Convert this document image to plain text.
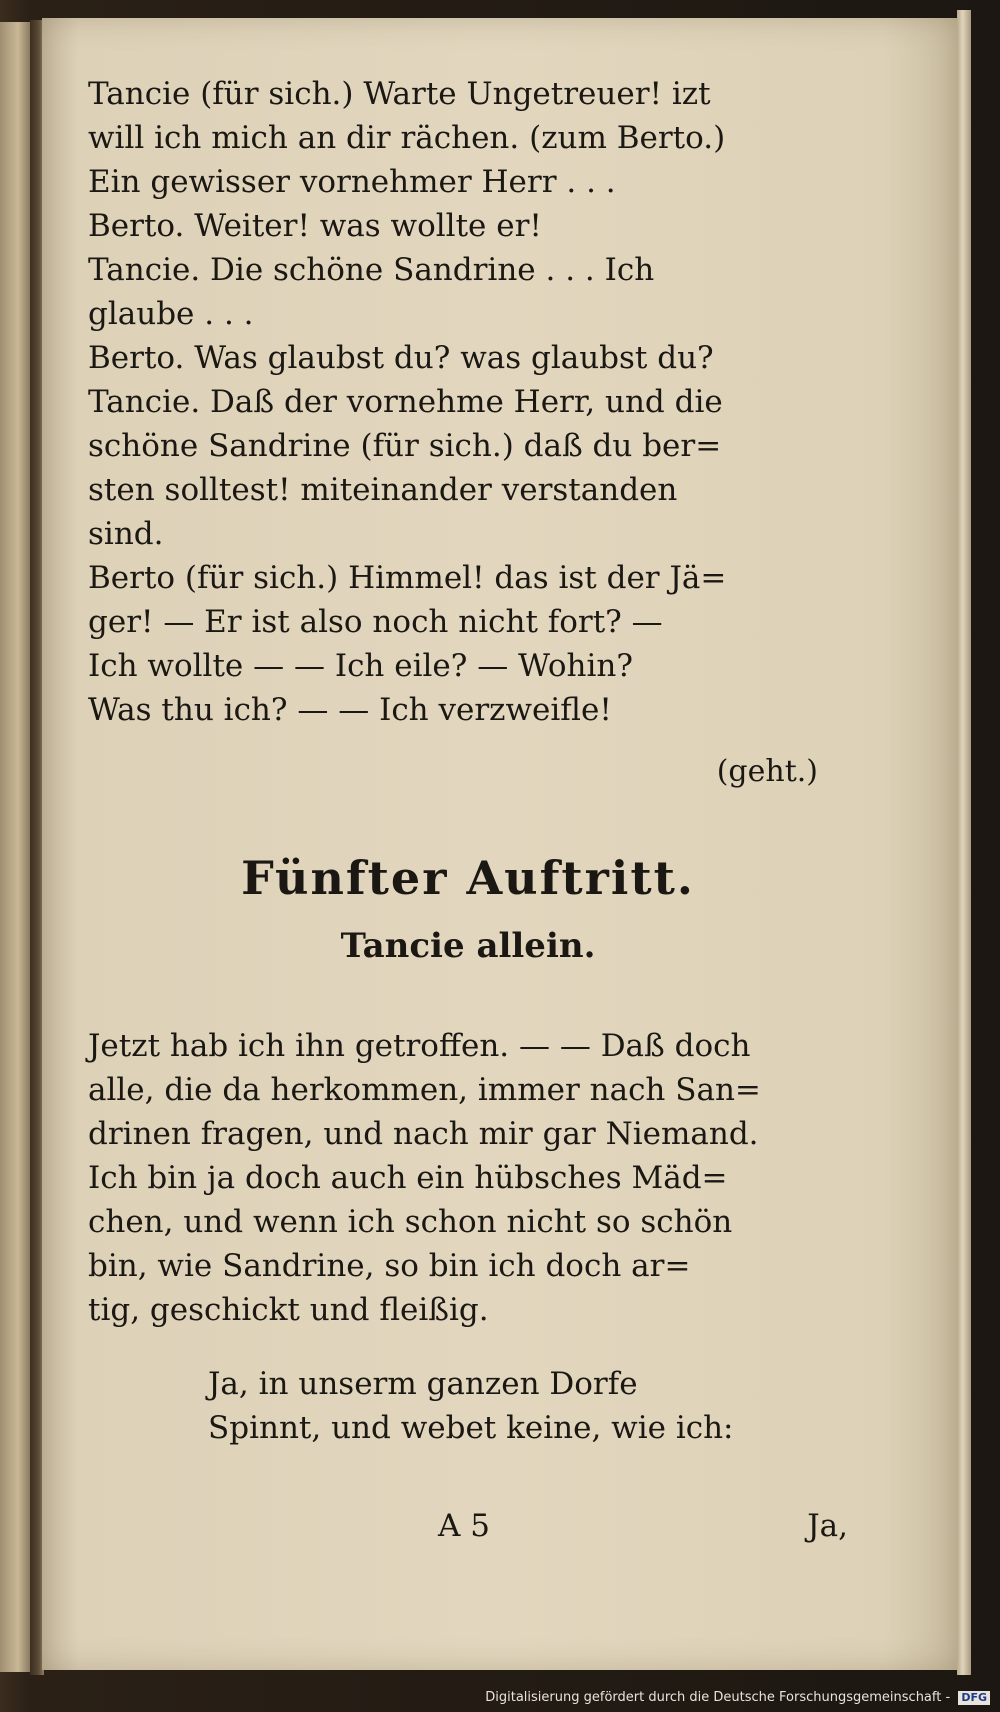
Tancie (für sich.) Warte Ungetreuer! izt
will ich mich an dir rächen. (zum Berto.)
Ein gewisser vornehmer Herr . . .
Berto. Weiter! was wollte er!
Tancie. Die schöne Sandrine . . . Ich
glaube . . .
Berto. Was glaubst du? was glaubst du?
Tancie. Daß der vornehme Herr, und die
schöne Sandrine (für sich.) daß du ber=
sten solltest! miteinander verstanden
sind.
Berto (für sich.) Himmel! das ist der Jä=
ger! — Er ist also noch nicht fort? —
Ich wollte — — Ich eile? — Wohin?
Was thu ich? — — Ich verzweifle!
(geht.)
Fünfter Auftritt.
Tancie allein.
Jetzt hab ich ihn getroffen. — — Daß doch
alle, die da herkommen, immer nach San=
drinen fragen, und nach mir gar Niemand.
Ich bin ja doch auch ein hübsches Mäd=
chen, und wenn ich schon nicht so schön
bin, wie Sandrine, so bin ich doch ar=
tig, geschickt und fleißig.
Ja, in unserm ganzen Dorfe
Spinnt, und webet keine, wie ich:
A 5	Ja,
Digitalisierung gefördert durch die Deutsche Forschungsgemeinschaft - DFG
